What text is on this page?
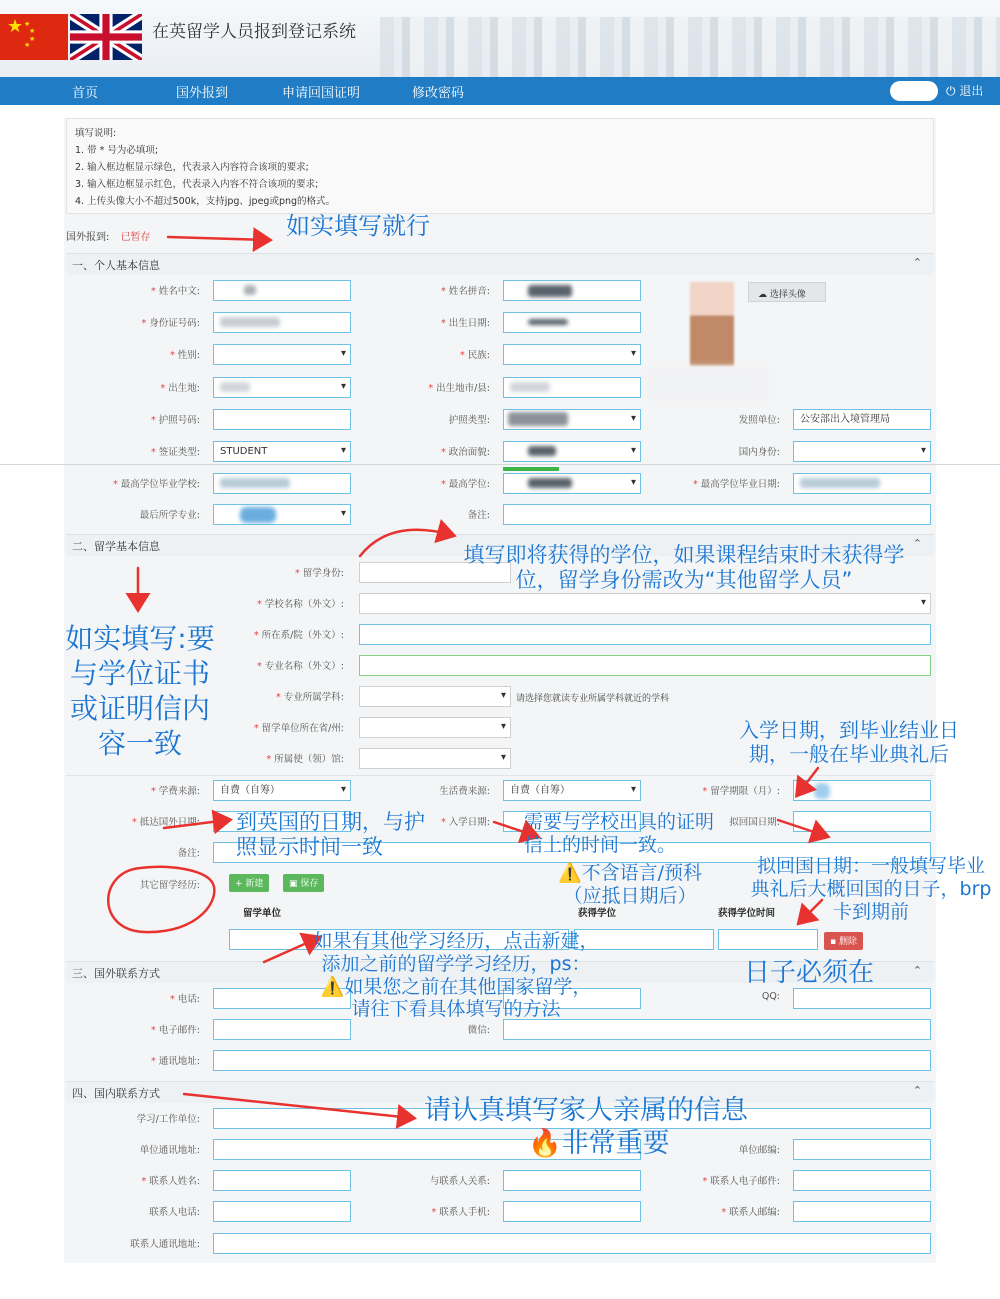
★ ★
★
★
★
在英留学人员报到登记系统
首页	国外报到	申请回国证明	修改密码	⏻ 退出
填写说明:
1. 带 * 号为必填项;
2. 输入框边框显示绿色，代表录入内容符合该项的要求;
3. 输入框边框显示红色，代表录入内容不符合该项的要求;
4. 上传头像大小不超过500k，支持jpg、jpeg或png的格式。
国外报到: 已暂存
一、个人基本信息	⌃
* 姓名中文:	* 姓名拼音:	☁ 选择头像
* 身份证号码:	* 出生日期:
* 性别: ▾	* 民族:
▾
* 出生地: ▾	* 出生地市/县:
* 护照号码:	护照类型: ▾	发照单位:	公安部出入境管理局
* 签证类型:	STUDENT ▾	* 政治面貌: ▾	国内身份:
▾
* 最高学位毕业学校:	* 最高学位: ▾	* 最高学位毕业日期:
最后所学专业: ▾	备注:
二、留学基本信息	⌃
* 留学身份:
* 学校名称（外文）:
▾
* 所在系/院（外文）:
* 专业名称（外文）:
* 专业所属学科: ▾	请选择您就读专业所属学科就近的学科
* 留学单位所在省/州:
▾
* 所属使（领）馆:
▾
* 学费来源:	自费（自筹） ▾	生活费来源:	自费（自筹） ▾	* 留学期限（月）:
* 抵达国外日期:	* 入学日期:	拟回国日期:
备注:
其它留学经历:	+ 新建	▣ 保存
留学单位	获得学位	获得学位时间
▪ 删除
三、国外联系方式	⌃
* 电话:	QQ:
* 电子邮件:	微信:
* 通讯地址:
四、国内联系方式	⌃
学习/工作单位:
单位通讯地址:	单位邮编:
* 联系人姓名:	与联系人关系:	* 联系人电子邮件:
联系人电话:	* 联系人手机:	* 联系人邮编:
联系人通讯地址:
如实填写就行
填写即将获得的学位，如果课程结束时未获得学位，留学身份需改为“其他留学人员”
如实填写:要与学位证书或证明信内容一致	入学日期，到毕业结业日期，一般在毕业典礼后
到英国的日期，与护照显示时间一致
需要与学校出具的证明信上的时间一致。
⚠️不含语言/预科（应抵日期后）
拟回国日期：一般填写毕业典礼后大概回国的日子，brp卡到期前
如果有其他学习经历，点击新建，添加之前的留学学习经历，ps：⚠️如果您之前在其他国家留学，请往下看具体填写的方法
日子必须在
请认真填写家人亲属的信息
🔥非常重要
